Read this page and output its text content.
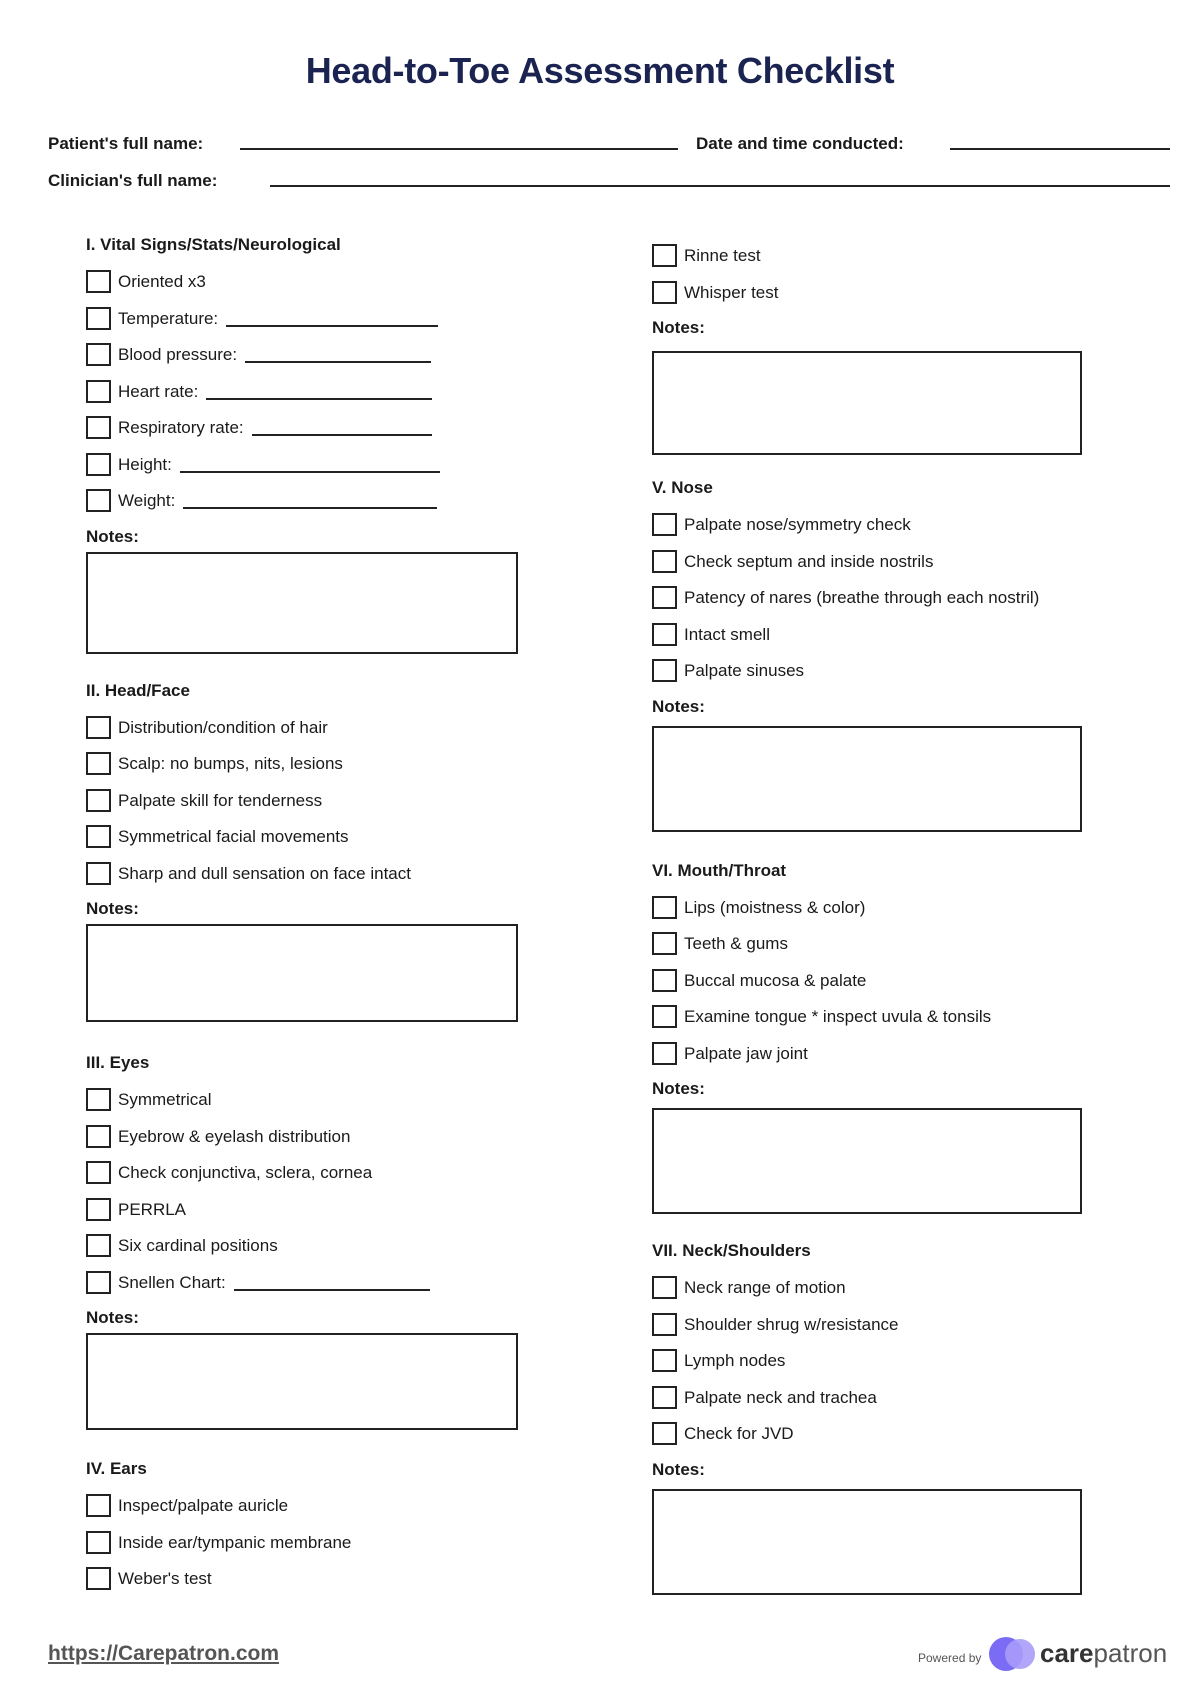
Head-to-Toe Assessment Checklist
Patient's full name:	Date and time conducted:
Clinician's full name:
I. Vital Signs/Stats/Neurological
Oriented x3
Temperature:
Blood pressure:
Heart rate:
Respiratory rate:
Height:
Weight:
Notes:
II. Head/Face
Distribution/condition of hair
Scalp: no bumps, nits, lesions
Palpate skill for tenderness
Symmetrical facial movements
Sharp and dull sensation on face intact
Notes:
III. Eyes
Symmetrical
Eyebrow & eyelash distribution
Check conjunctiva, sclera, cornea
PERRLA
Six cardinal positions
Snellen Chart:
Notes:
IV. Ears
Inspect/palpate auricle
Inside ear/tympanic membrane
Weber's test
Rinne test
Whisper test
Notes:
V. Nose
Palpate nose/symmetry check
Check septum and inside nostrils
Patency of nares (breathe through each nostril)
Intact smell
Palpate sinuses
Notes:
VI. Mouth/Throat
Lips (moistness & color)
Teeth & gums
Buccal mucosa & palate
Examine tongue * inspect uvula & tonsils
Palpate jaw joint
Notes:
VII. Neck/Shoulders
Neck range of motion
Shoulder shrug w/resistance
Lymph nodes
Palpate neck and trachea
Check for JVD
Notes:
https://Carepatron.com	Powered by carepatron
